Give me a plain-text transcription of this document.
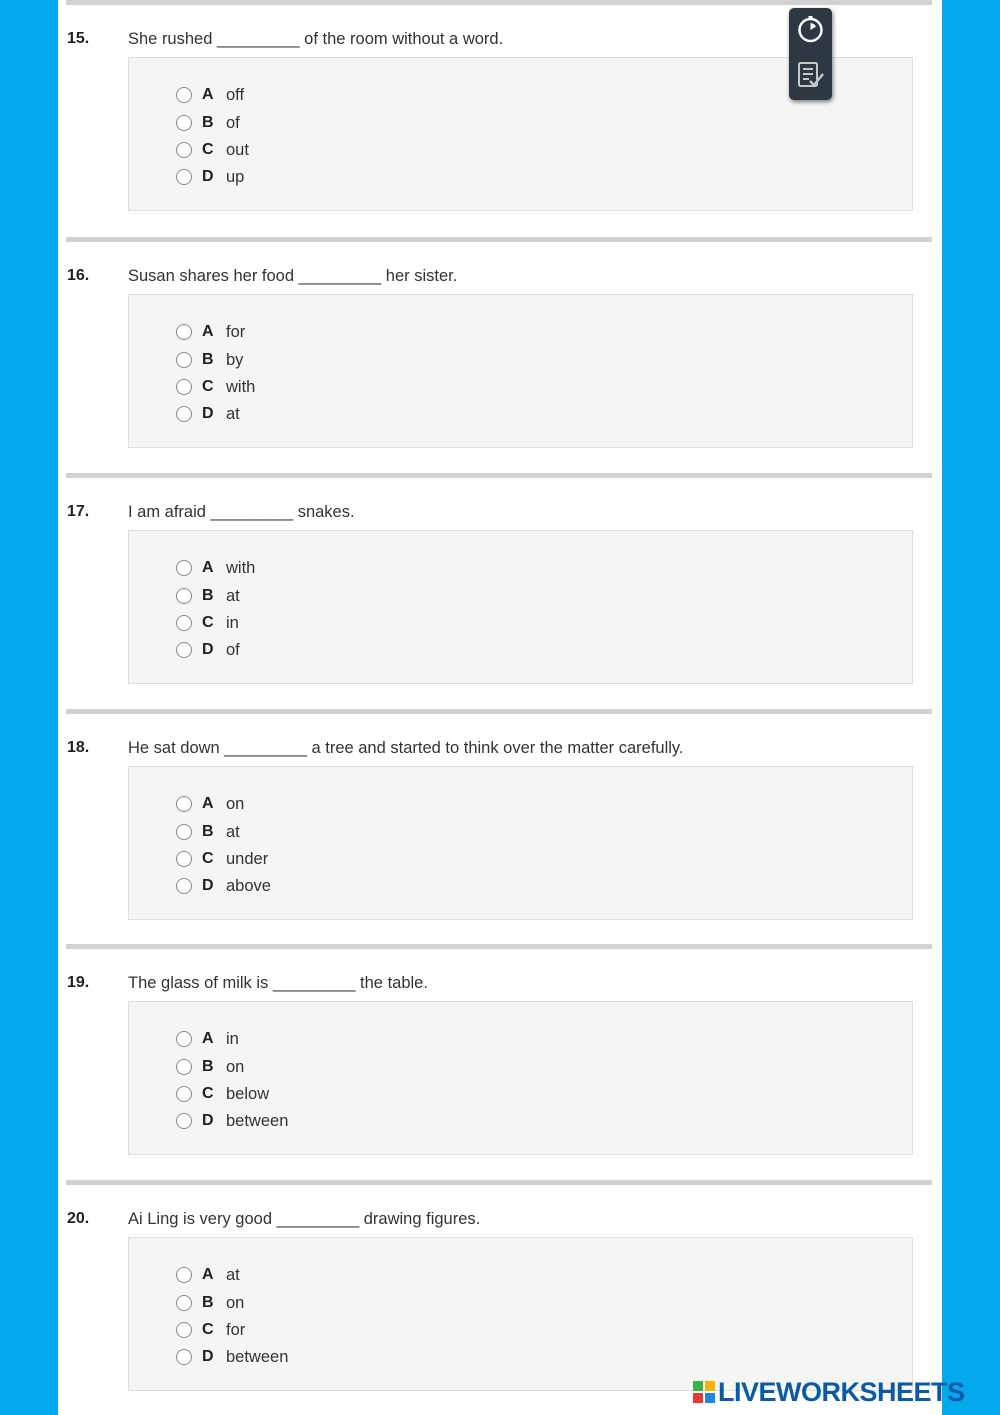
15. She rushed _________ of the room without a word.
A off
B of
C out
D up
16. Susan shares her food _________ her sister.
A for
B by
C with
D at
17. I am afraid _________ snakes.
A with
B at
C in
D of
18. He sat down _________ a tree and started to think over the matter carefully.
A on
B at
C under
D above
19. The glass of milk is _________ the table.
A in
B on
C below
D between
20. Ai Ling is very good _________ drawing figures.
A at
B on
C for
D between
LIVEWORKSHEETS
